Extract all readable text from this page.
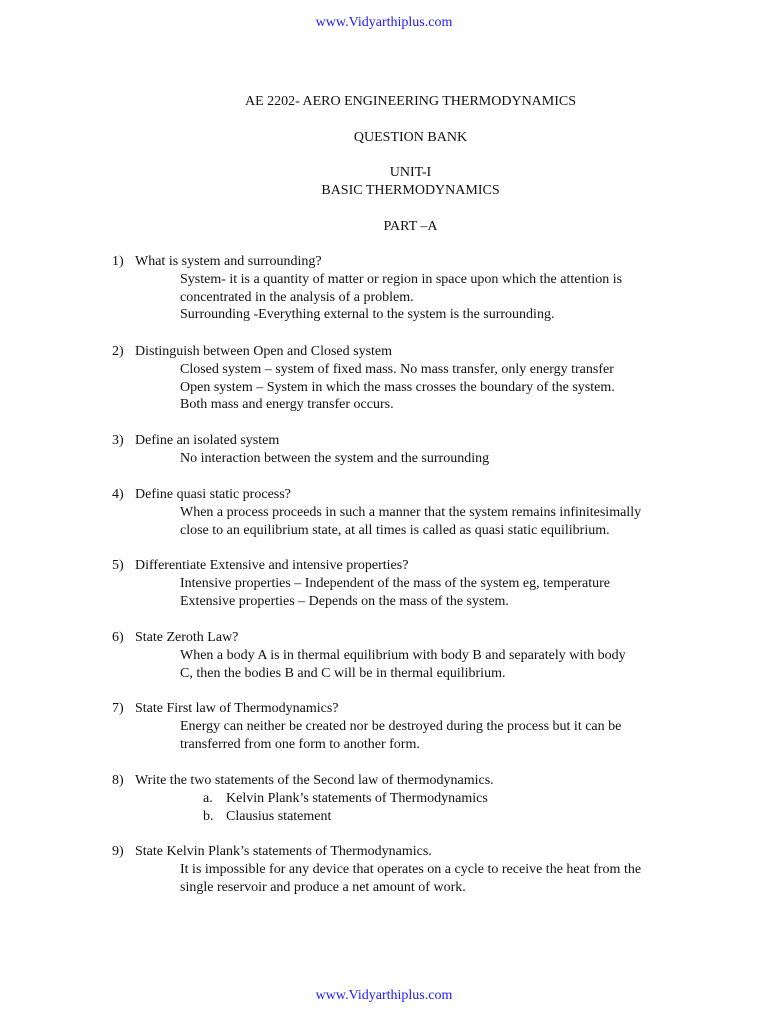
www.Vidyarthiplus.com
AE 2202- AERO ENGINEERING THERMODYNAMICS
QUESTION BANK
UNIT-I
BASIC THERMODYNAMICS
PART –A
1) What is system and surrounding?
System- it is a quantity of matter or region in space upon which the attention is
concentrated in the analysis of a problem.
Surrounding -Everything external to the system is the surrounding.
2) Distinguish between Open and Closed system
Closed system – system of fixed mass. No mass transfer, only energy transfer
Open system – System in which the mass crosses the boundary of the system.
Both mass and energy transfer occurs.
3) Define an isolated system
No interaction between the system and the surrounding
4) Define quasi static process?
When a process proceeds in such a manner that the system remains infinitesimally
close to an equilibrium state, at all times is called as quasi static equilibrium.
5) Differentiate Extensive and intensive properties?
Intensive properties – Independent of the mass of the system eg, temperature
Extensive properties – Depends on the mass of the system.
6) State Zeroth Law?
When a body A is in thermal equilibrium with body B and separately with body
C, then the bodies B and C will be in thermal equilibrium.
7) State First law of Thermodynamics?
Energy can neither be created nor be destroyed during the process but it can be
transferred from one form to another form.
8) Write the two statements of the Second law of thermodynamics.
a. Kelvin Plank’s statements of Thermodynamics
b. Clausius statement
9) State Kelvin Plank’s statements of Thermodynamics.
It is impossible for any device that operates on a cycle to receive the heat from the
single reservoir and produce a net amount of work.
www.Vidyarthiplus.com
